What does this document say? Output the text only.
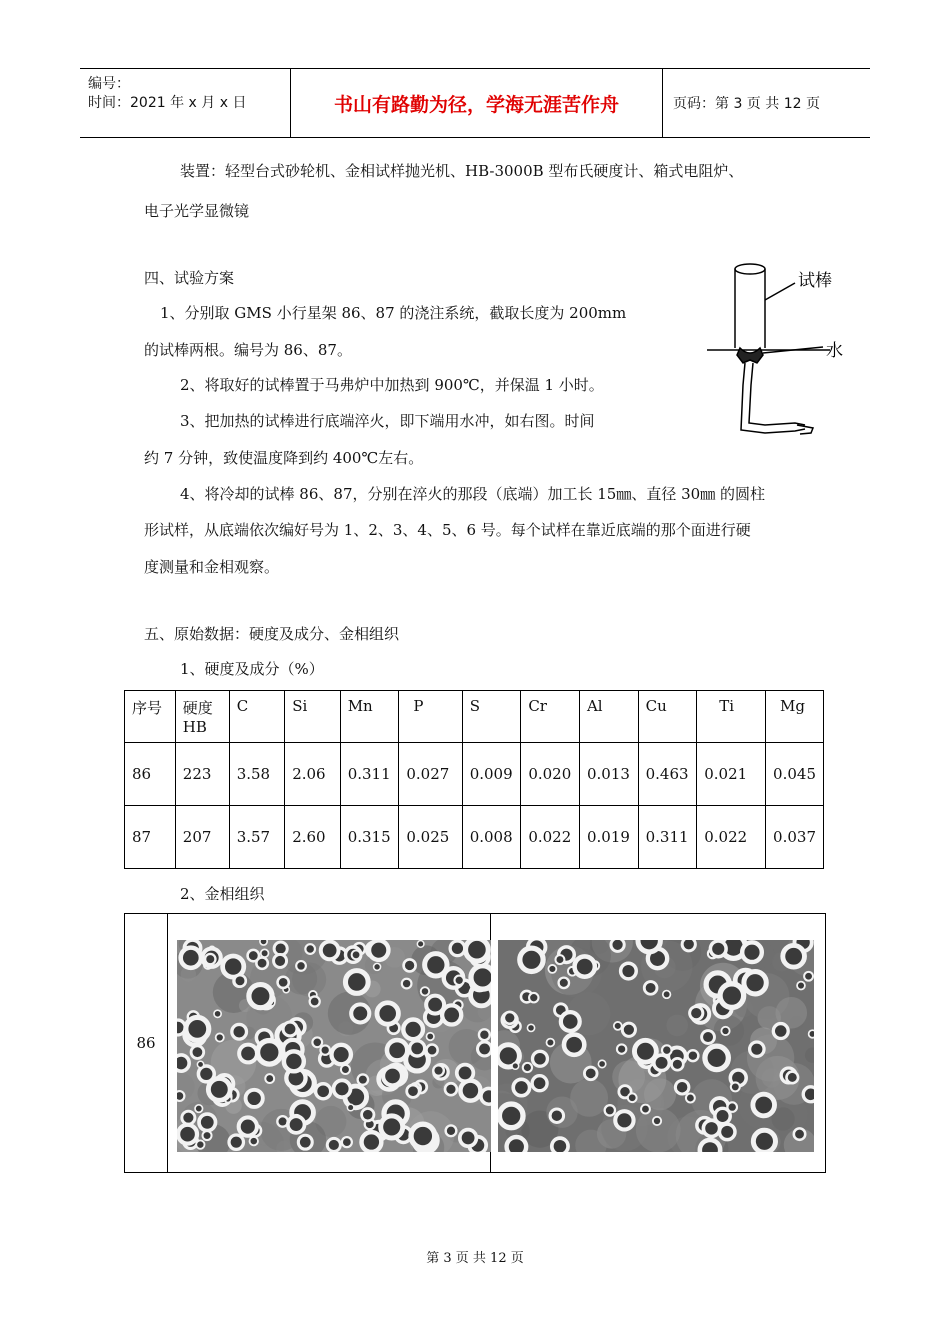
编号：
时间：2021 年 x 月 x 日	书山有路勤为径，学海无涯苦作舟	页码：第 3 页 共 12 页
装置：轻型台式砂轮机、金相试样抛光机、HB-3000B 型布氏硬度计、箱式电阻炉、
电子光学显微镜
四、试验方案
1、分别取 GMS 小行星架 86、87 的浇注系统，截取长度为 200mm
的试棒两根。编号为 86、87。
2、将取好的试棒置于马弗炉中加热到 900℃，并保温 1 小时。
3、把加热的试棒进行底端淬火，即下端用水冲，如右图。时间
约 7 分钟，致使温度降到约 400℃左右。
4、将冷却的试棒 86、87，分别在淬火的那段（底端）加工长 15㎜、直径 30㎜ 的圆柱
形试样，从底端依次编好号为 1、2、3、4、5、6 号。每个试样在靠近底端的那个面进行硬
度测量和金相观察。
试棒
水
五、原始数据：硬度及成分、金相组织
1、硬度及成分（%）
序号	硬度 HB	C	Si	Mn	P	S	Cr	Al	Cu	Ti	Mg
86	223	3.58	2.06	0.311	0.027	0.009	0.020	0.013	0.463	0.021	0.045
87	207	3.57	2.60	0.315	0.025	0.008	0.022	0.019	0.311	0.022	0.037
2、金相组织
86
第 3 页 共 12 页
